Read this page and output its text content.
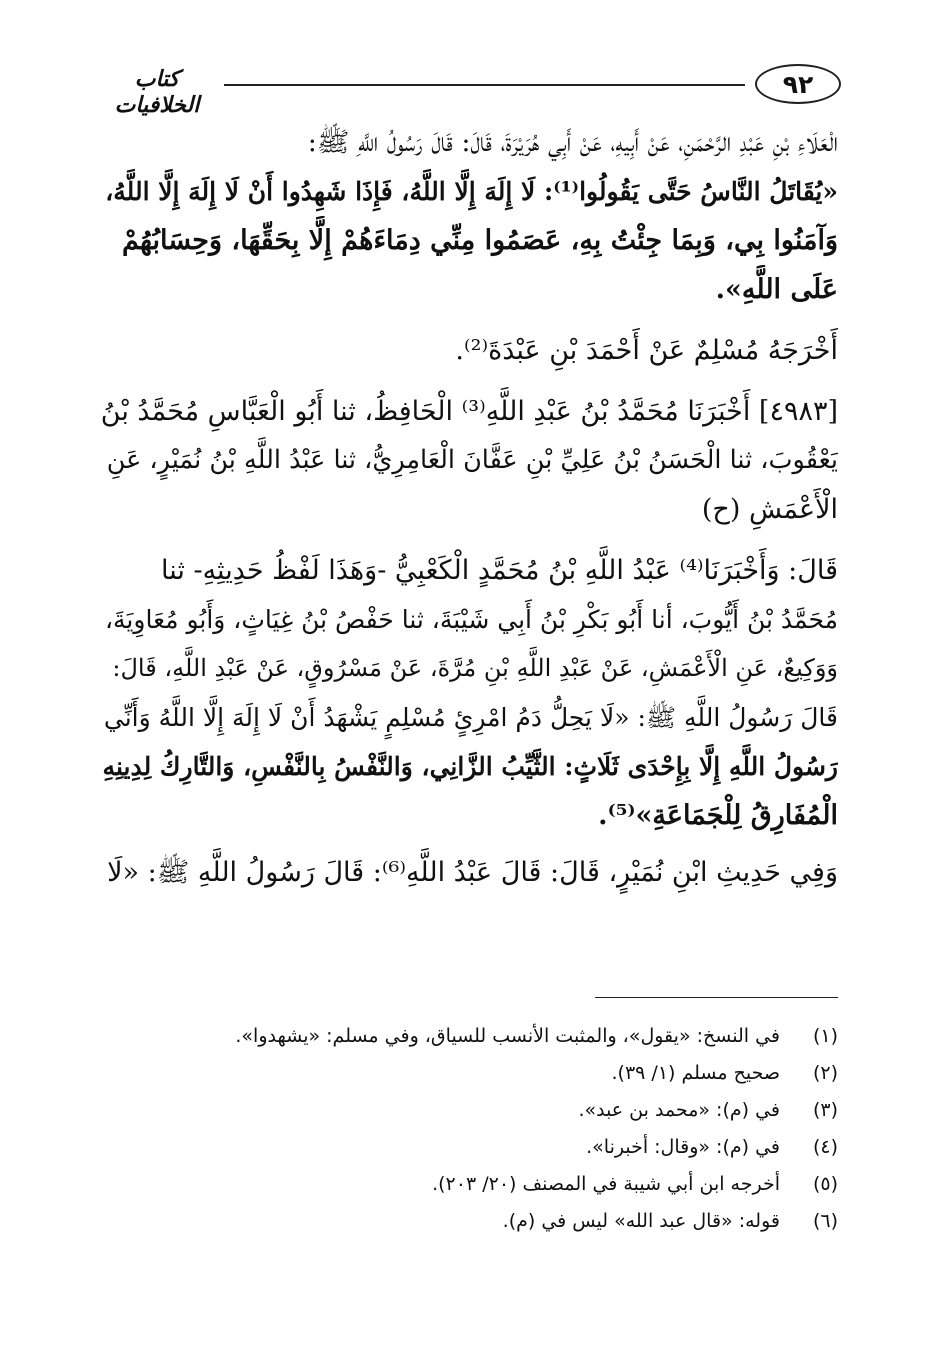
كتاب الخلافيات
٩٢
الْعَلَاءِ بْنِ عَبْدِ الرَّحْمَنِ، عَنْ أَبِيهِ، عَنْ أَبِي هُرَيْرَةَ، قَالَ: قَالَ رَسُولُ اللَّهِ ﷺ:
«يُقَاتَلُ النَّاسُ حَتَّى يَقُولُوا⁽¹⁾: لَا إِلَهَ إِلَّا اللَّهُ، فَإِذَا شَهِدُوا أَنْ لَا إِلَهَ إِلَّا اللَّهُ،
وَآمَنُوا بِي، وَبِمَا جِئْتُ بِهِ، عَصَمُوا مِنِّي دِمَاءَهُمْ إِلَّا بِحَقِّهَا، وَحِسَابُهُمْ
عَلَى اللَّهِ».
أَخْرَجَهُ مُسْلِمٌ عَنْ أَحْمَدَ بْنِ عَبْدَةَ⁽²⁾.
[٤٩٨٣] أَخْبَرَنَا مُحَمَّدُ بْنُ عَبْدِ اللَّهِ⁽³⁾ الْحَافِظُ، ثنا أَبُو الْعَبَّاسِ مُحَمَّدُ بْنُ
يَعْقُوبَ، ثنا الْحَسَنُ بْنُ عَلِيِّ بْنِ عَفَّانَ الْعَامِرِيُّ، ثنا عَبْدُ اللَّهِ بْنُ نُمَيْرٍ، عَنِ
الْأَعْمَشِ (ح)
قَالَ: وَأَخْبَرَنَا⁽⁴⁾ عَبْدُ اللَّهِ بْنُ مُحَمَّدٍ الْكَعْبِيُّ -وَهَذَا لَفْظُ حَدِيثِهِ- ثنا
مُحَمَّدُ بْنُ أَيُّوبَ، أنا أَبُو بَكْرِ بْنُ أَبِي شَيْبَةَ، ثنا حَفْصُ بْنُ غِيَاثٍ، وَأَبُو مُعَاوِيَةَ،
وَوَكِيعٌ، عَنِ الْأَعْمَشِ، عَنْ عَبْدِ اللَّهِ بْنِ مُرَّةَ، عَنْ مَسْرُوقٍ، عَنْ عَبْدِ اللَّهِ، قَالَ:
قَالَ رَسُولُ اللَّهِ ﷺ: «لَا يَحِلُّ دَمُ امْرِئٍ مُسْلِمٍ يَشْهَدُ أَنْ لَا إِلَهَ إِلَّا اللَّهُ وَأَنِّي
رَسُولُ اللَّهِ إِلَّا بِإِحْدَى ثَلَاثٍ: الثَّيِّبُ الزَّانِي، وَالنَّفْسُ بِالنَّفْسِ، وَالتَّارِكُ لِدِينِهِ
الْمُفَارِقُ لِلْجَمَاعَةِ»⁽⁵⁾.
وَفِي حَدِيثِ ابْنِ نُمَيْرٍ، قَالَ: قَالَ عَبْدُ اللَّهِ⁽⁶⁾: قَالَ رَسُولُ اللَّهِ ﷺ: «لَا
(١)في النسخ: «يقول»، والمثبت الأنسب للسياق، وفي مسلم: «يشهدوا».
(٢)صحيح مسلم (١/ ٣٩).
(٣)في (م): «محمد بن عبد».
(٤)في (م): «وقال: أخبرنا».
(٥)أخرجه ابن أبي شيبة في المصنف (٢٠/ ٢٠٣).
(٦)قوله: «قال عبد الله» ليس في (م).
